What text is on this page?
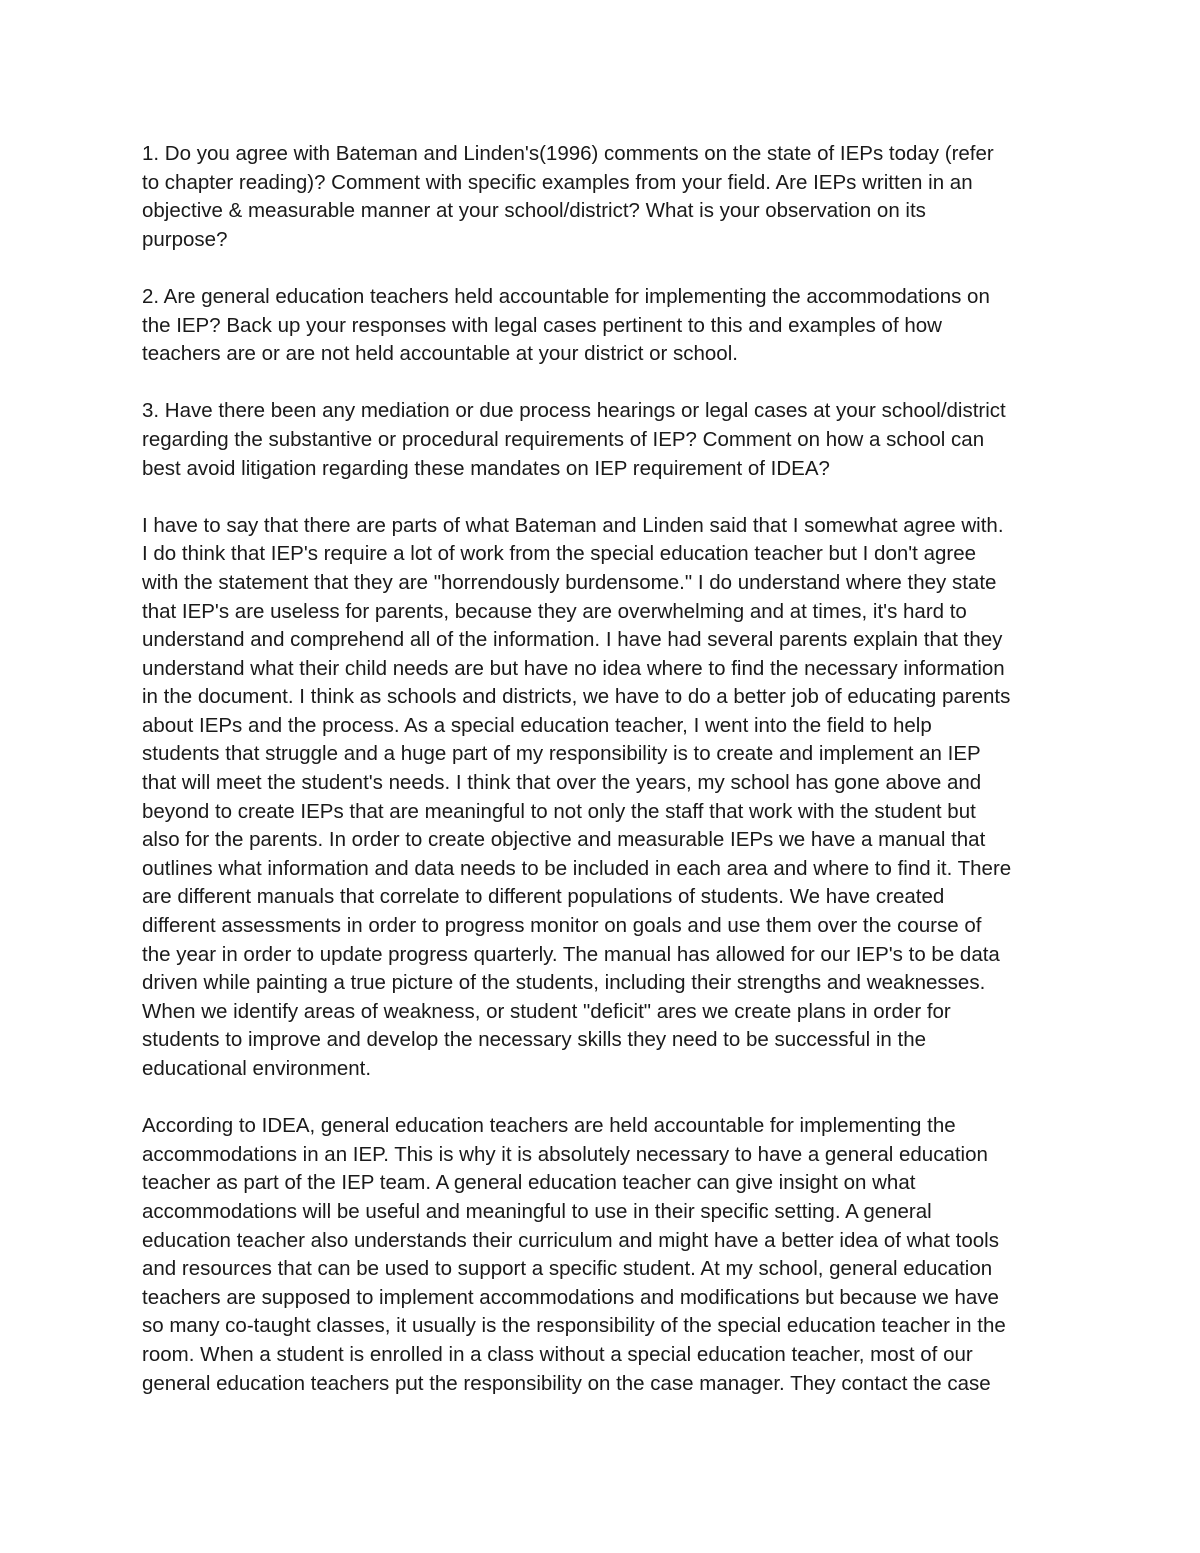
1. Do you agree with Bateman and Linden's(1996) comments on the state of IEPs today (refer
to chapter reading)? Comment with specific examples from your field. Are IEPs written in an
objective & measurable manner at your school/district? What is your observation on its
purpose?
2. Are general education teachers held accountable for implementing the accommodations on
the IEP? Back up your responses with legal cases pertinent to this and examples of how
teachers are or are not held accountable at your district or school.
3. Have there been any mediation or due process hearings or legal cases at your school/district
regarding the substantive or procedural requirements of IEP? Comment on how a school can
best avoid litigation regarding these mandates on IEP requirement of IDEA?
I have to say that there are parts of what Bateman and Linden said that I somewhat agree with.
I do think that IEP's require a lot of work from the special education teacher but I don't agree
with the statement that they are "horrendously burdensome." I do understand where they state
that IEP's are useless for parents, because they are overwhelming and at times, it's hard to
understand and comprehend all of the information. I have had several parents explain that they
understand what their child needs are but have no idea where to find the necessary information
in the document. I think as schools and districts, we have to do a better job of educating parents
about IEPs and the process. As a special education teacher, I went into the field to help
students that struggle and a huge part of my responsibility is to create and implement an IEP
that will meet the student's needs. I think that over the years, my school has gone above and
beyond to create IEPs that are meaningful to not only the staff that work with the student but
also for the parents. In order to create objective and measurable IEPs we have a manual that
outlines what information and data needs to be included in each area and where to find it. There
are different manuals that correlate to different populations of students. We have created
different assessments in order to progress monitor on goals and use them over the course of
the year in order to update progress quarterly. The manual has allowed for our IEP's to be data
driven while painting a true picture of the students, including their strengths and weaknesses.
When we identify areas of weakness, or student "deficit" ares we create plans in order for
students to improve and develop the necessary skills they need to be successful in the
educational environment.
According to IDEA, general education teachers are held accountable for implementing the
accommodations in an IEP. This is why it is absolutely necessary to have a general education
teacher as part of the IEP team. A general education teacher can give insight on what
accommodations will be useful and meaningful to use in their specific setting. A general
education teacher also understands their curriculum and might have a better idea of what tools
and resources that can be used to support a specific student. At my school, general education
teachers are supposed to implement accommodations and modifications but because we have
so many co-taught classes, it usually is the responsibility of the special education teacher in the
room. When a student is enrolled in a class without a special education teacher, most of our
general education teachers put the responsibility on the case manager. They contact the case
